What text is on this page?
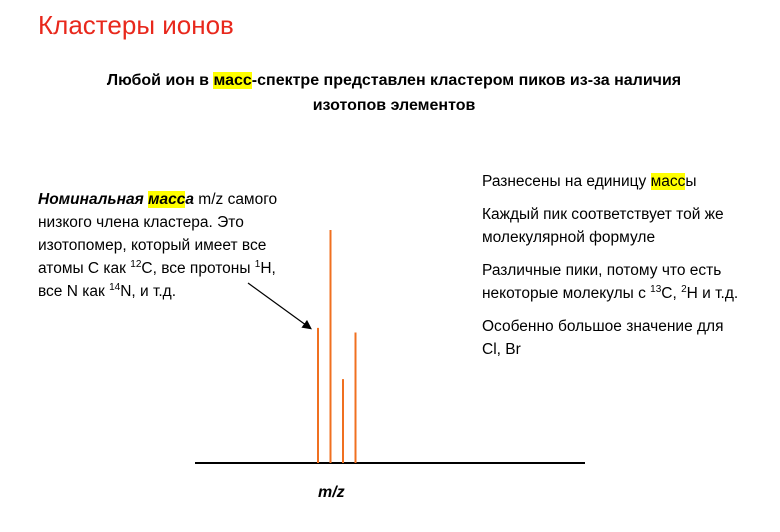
Кластеры ионов
Любой ион в масс-спектре представлен кластером пиков из-за наличия изотопов элементов
Номинальная масса m/z самого низкого члена кластера. Это изотопомер, который имеет все атомы С как $^{12}$C, все протоны $^1$H, все N как $^{14}$N, и т.д.

Разнесены на единицу массы

Каждый пик соответствует той же молекулярной формуле

Различные пики, потому что есть некоторые молекулы с $^{13}$C, $^2$H и т.д.

Особенно большое значение для Cl, Br

m/z
